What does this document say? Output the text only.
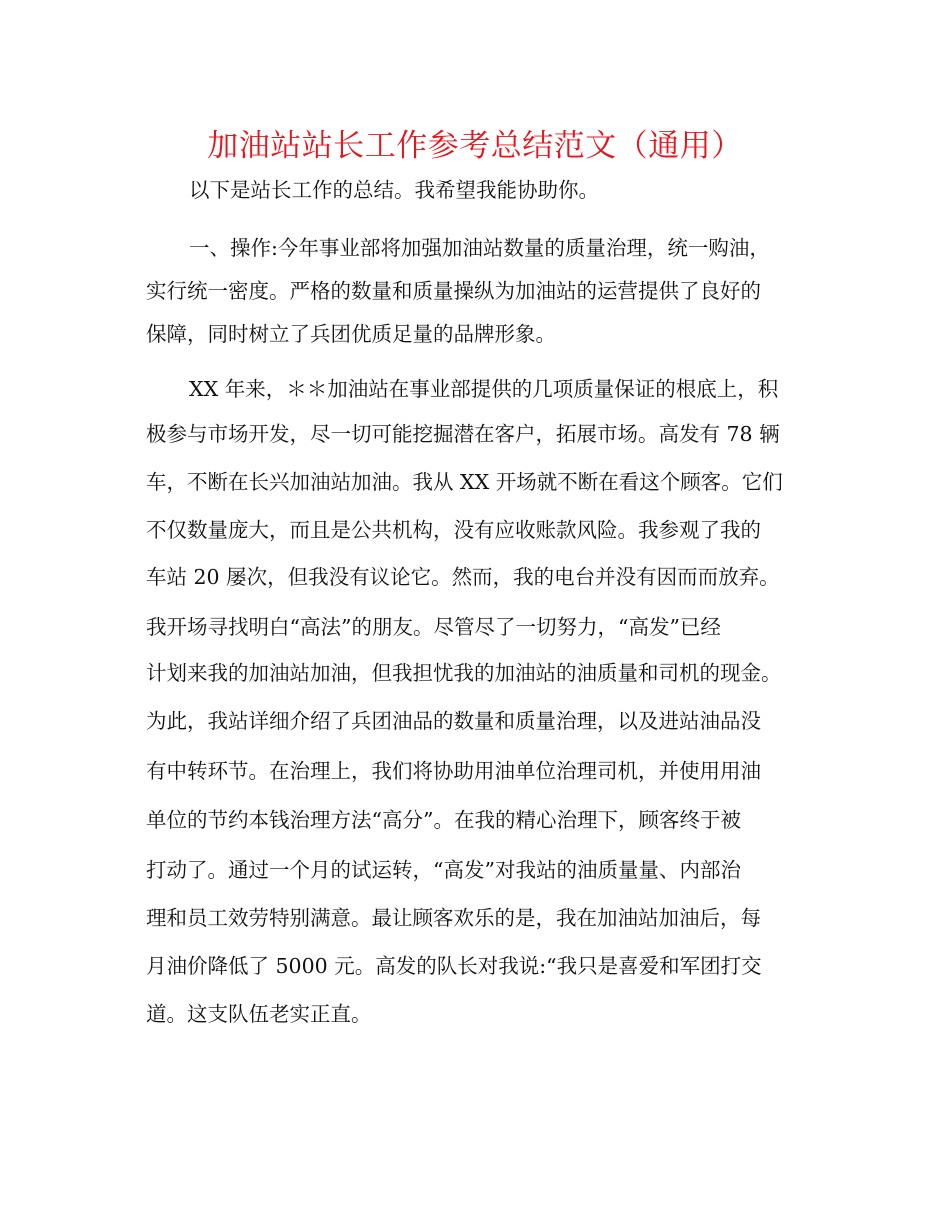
加油站站长工作参考总结范文（通用）
以下是站长工作的总结。我希望我能协助你。
一、操作:今年事业部将加强加油站数量的质量治理，统一购油，
实行统一密度。严格的数量和质量操纵为加油站的运营提供了良好的
保障，同时树立了兵团优质足量的品牌形象。
XX 年来，＊＊加油站在事业部提供的几项质量保证的根底上，积
极参与市场开发，尽一切可能挖掘潜在客户，拓展市场。高发有 78 辆
车，不断在长兴加油站加油。我从 XX 开场就不断在看这个顾客。它们
不仅数量庞大，而且是公共机构，没有应收账款风险。我参观了我的
车站 20 屡次，但我没有议论它。然而，我的电台并没有因而而放弃。
我开场寻找明白“高法”的朋友。尽管尽了一切努力，“高发”已经
计划来我的加油站加油，但我担忧我的加油站的油质量和司机的现金。
为此，我站详细介绍了兵团油品的数量和质量治理，以及进站油品没
有中转环节。在治理上，我们将协助用油单位治理司机，并使用用油
单位的节约本钱治理方法“高分”。在我的精心治理下，顾客终于被
打动了。通过一个月的试运转，“高发”对我站的油质量量、内部治
理和员工效劳特别满意。最让顾客欢乐的是，我在加油站加油后，每
月油价降低了 5000 元。高发的队长对我说:“我只是喜爱和军团打交
道。这支队伍老实正直。
